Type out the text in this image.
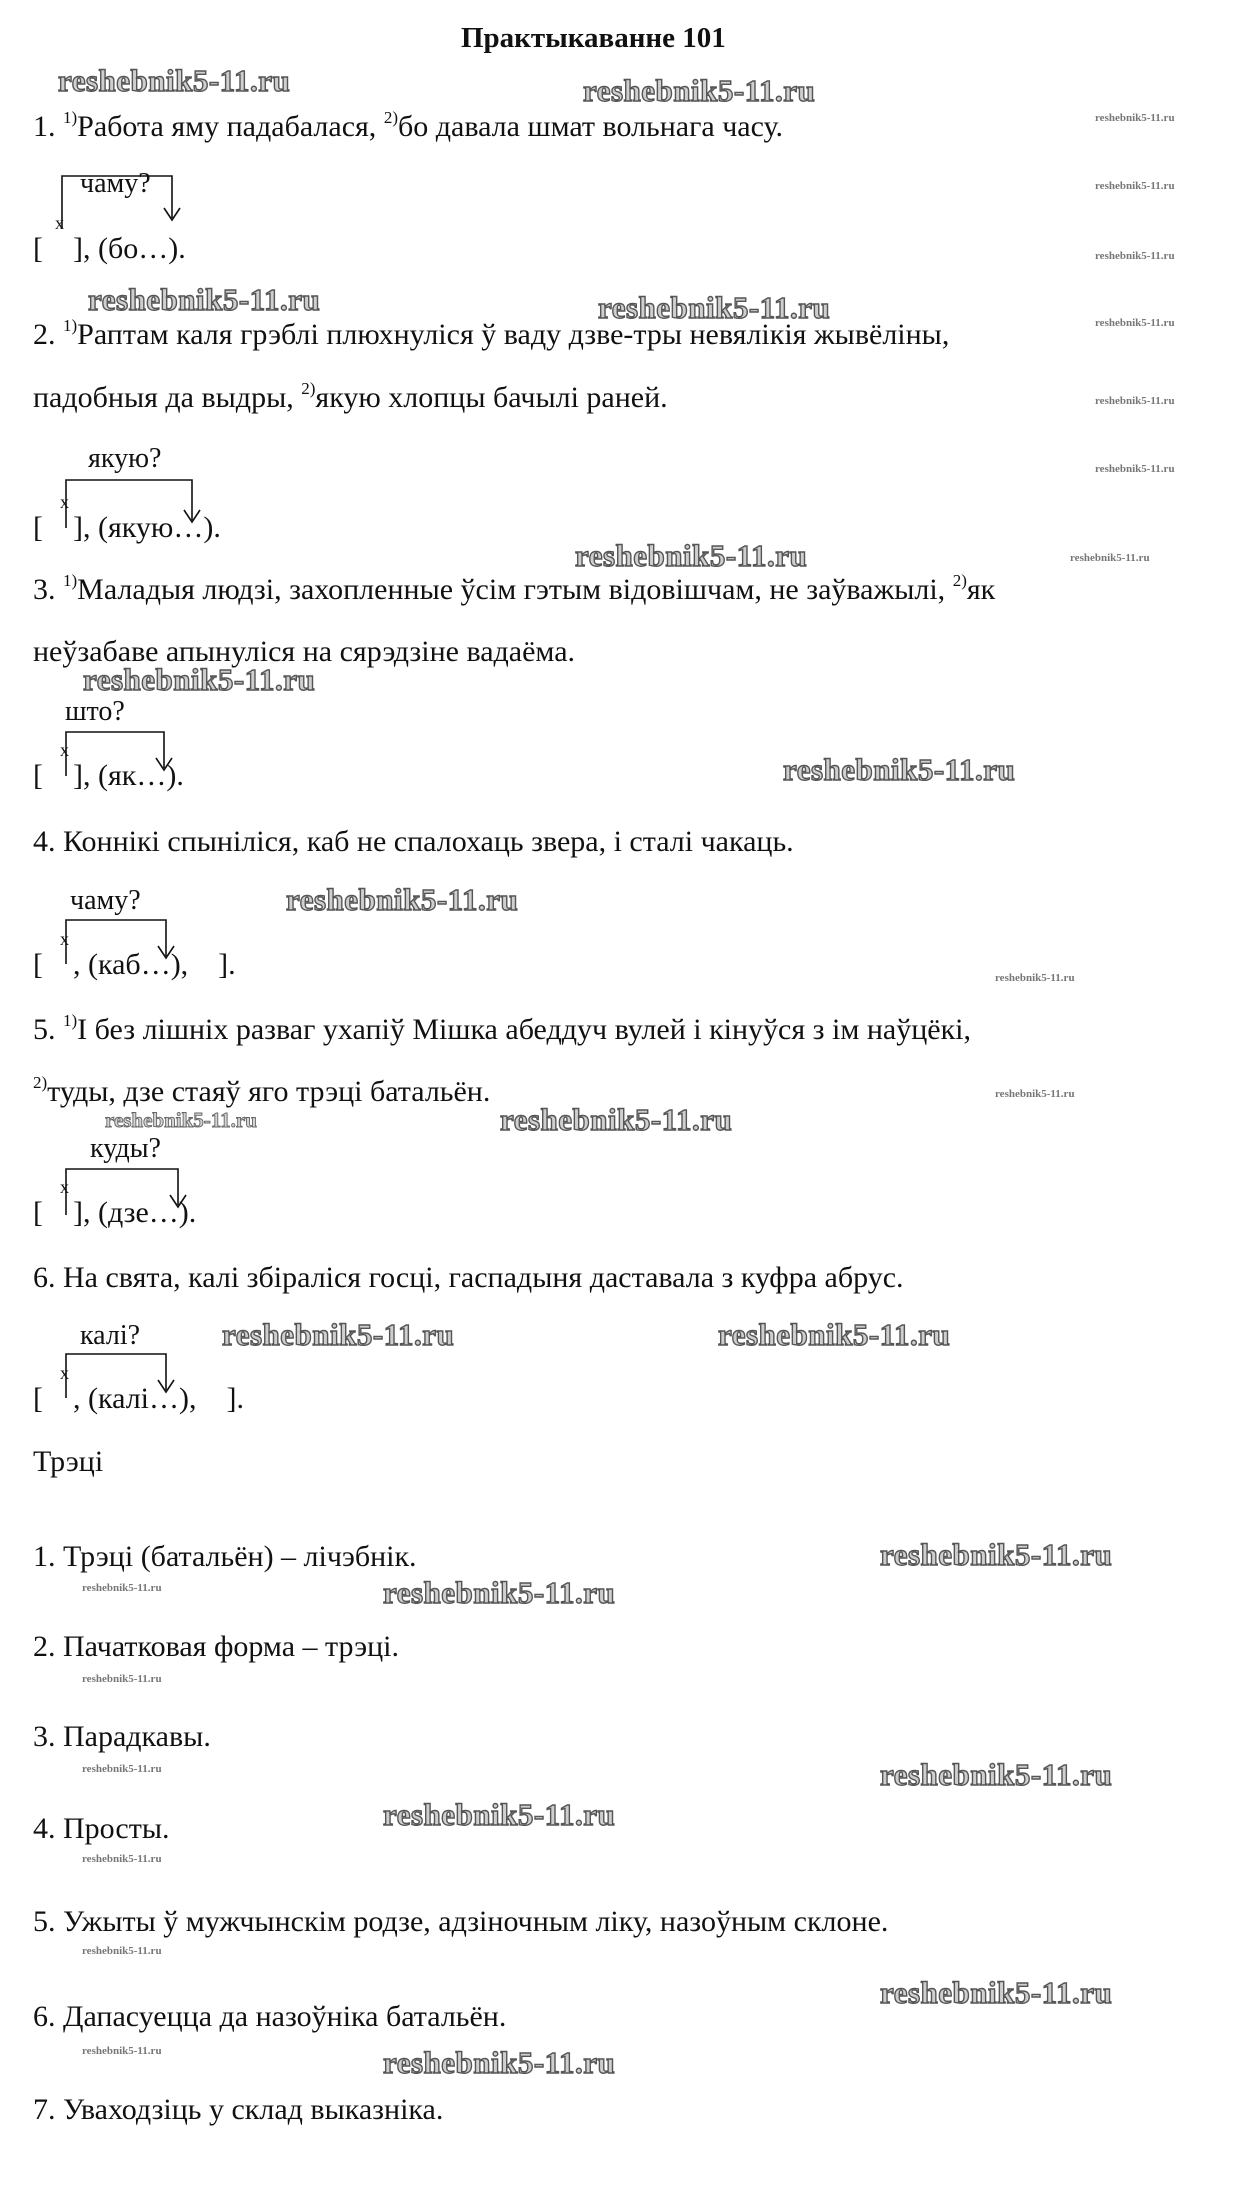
Практыкаванне 101
reshebnik5-11.ru	reshebnik5-11.ru
reshebnik5-11.ru
reshebnik5-11.ru
reshebnik5-11.ru
reshebnik5-11.ru	reshebnik5-11.ru	reshebnik5-11.ru
reshebnik5-11.ru
reshebnik5-11.ru
reshebnik5-11.ru	reshebnik5-11.ru
reshebnik5-11.ru
reshebnik5-11.ru
reshebnik5-11.ru
reshebnik5-11.ru
reshebnik5-11.ru
reshebnik5-11.ru	reshebnik5-11.ru
reshebnik5-11.ru	reshebnik5-11.ru
reshebnik5-11.ru
reshebnik5-11.ru	reshebnik5-11.ru
reshebnik5-11.ru
reshebnik5-11.ru
reshebnik5-11.ru
reshebnik5-11.ru
reshebnik5-11.ru
reshebnik5-11.ru
reshebnik5-11.ru
reshebnik5-11.ru	reshebnik5-11.ru
1. $^{1)}$Работа яму падабалася, $^{2)}$бо давала шмат вольнага часу.
чаму?
[ ], (бо…).
x
2. $^{1)}$Раптам каля грэблі плюхнуліся ў ваду дзве-тры невялікія жывёліны,
падобныя да выдры, $^{2)}$якую хлопцы бачылі раней.
якую?
[ ], (якую…).
x
3. $^{1)}$Маладыя людзі, захопленные ўсім гэтым відовішчам, не заўважылі, $^{2)}$як
неўзабаве апынуліся на сярэдзіне вадаёма.
што?
[ ], (як…).
x
4. Коннікі спыніліся, каб не спалохаць звера, і сталі чакаць.
чаму?
[ , (каб…),    ].
x
5. $^{1)}$І без лішніх разваг ухапіў Мішка абеддуч вулей і кінуўся з ім наўцёкі,
$^{2)}$туды, дзе стаяў яго трэці батальён.
куды?
[ ], (дзе…).
x
6. На свята, калі збіраліся госці, гаспадыня даставала з куфра абрус.
калі?
[ , (калі…),    ].
x
Трэці
1. Трэці (батальён) – лічэбнік.
2. Пачатковая форма – трэці.
3. Парадкавы.
4. Просты.
5. Ужыты ў мужчынскім родзе, адзіночным ліку, назоўным склоне.
6. Дапасуецца да назоўніка батальён.
7. Уваходзіць у склад выказніка.
